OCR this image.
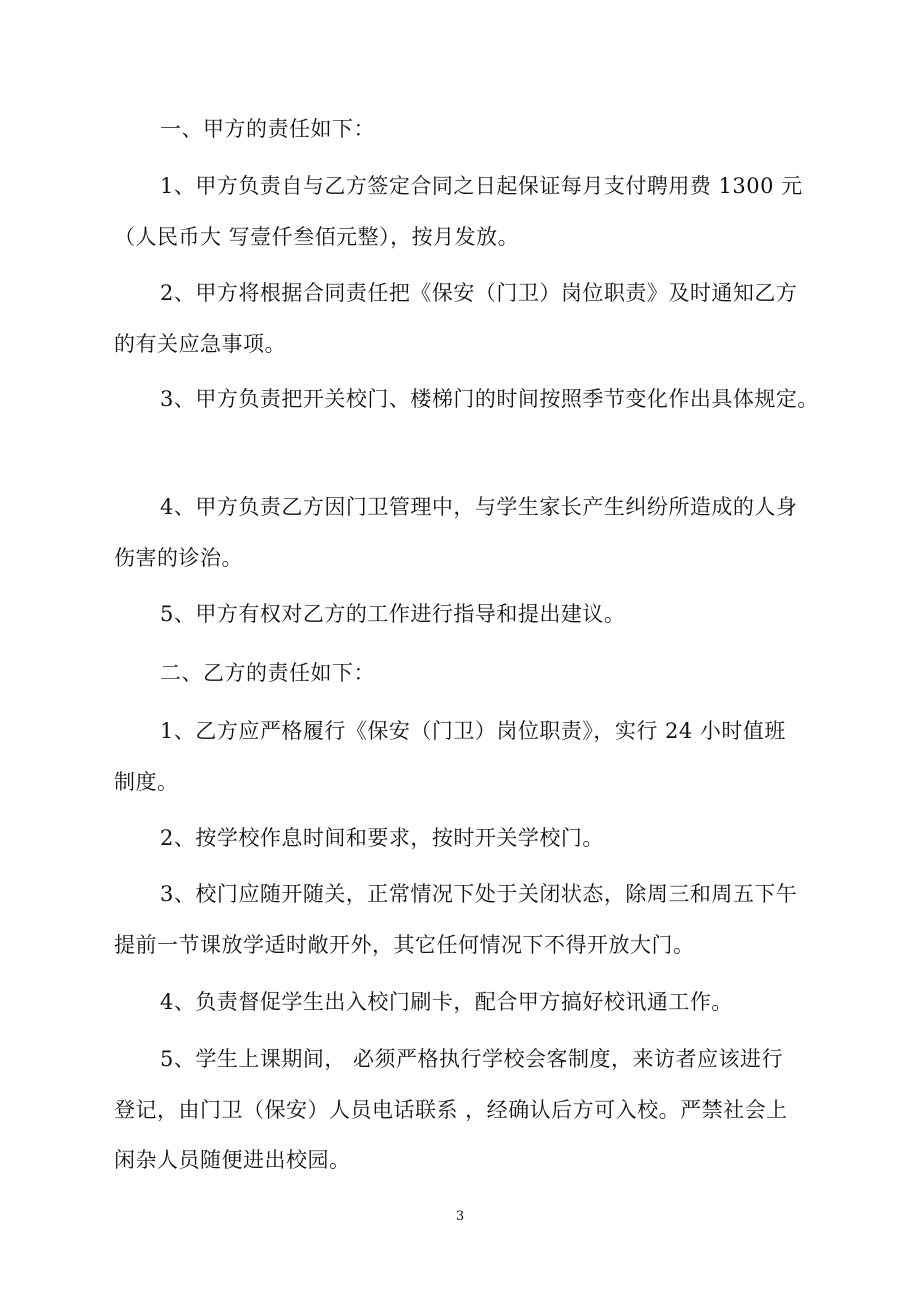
一、甲方的责任如下：
1、甲方负责自与乙方签定合同之日起保证每月支付聘用费 1300 元
（人民币大 写壹仟叁佰元整），按月发放。
2、甲方将根据合同责任把《保安（门卫）岗位职责》及时通知乙方
的有关应急事项。
3、甲方负责把开关校门、楼梯门的时间按照季节变化作出具体规定。
4、甲方负责乙方因门卫管理中，与学生家长产生纠纷所造成的人身
伤害的诊治。
5、甲方有权对乙方的工作进行指导和提出建议。
二、乙方的责任如下：
1、乙方应严格履行《保安（门卫）岗位职责》，实行 24 小时值班
制度。
2、按学校作息时间和要求，按时开关学校门。
3、校门应随开随关，正常情况下处于关闭状态，除周三和周五下午
提前一节课放学适时敞开外，其它任何情况下不得开放大门。
4、负责督促学生出入校门刷卡，配合甲方搞好校讯通工作。
5、学生上课期间， 必须严格执行学校会客制度，来访者应该进行
登记，由门卫（保安）人员电话联系 ，经确认后方可入校。严禁社会上
闲杂人员随便进出校园。
3
